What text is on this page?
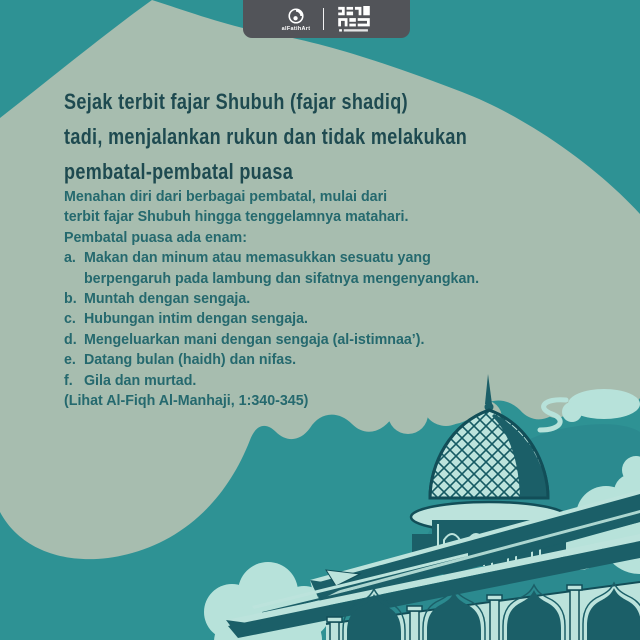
alFatihArt
Sejak terbit fajar Shubuh (fajar shadiq)
tadi, menjalankan rukun dan tidak melakukan
pembatal-pembatal puasa
Menahan diri dari berbagai pembatal, mulai dari
terbit fajar Shubuh hingga tenggelamnya matahari.
Pembatal puasa ada enam:
a. Makan dan minum atau memasukkan sesuatu yang
berpengaruh pada lambung dan sifatnya mengenyangkan.
b. Muntah dengan sengaja.
c. Hubungan intim dengan sengaja.
d. Mengeluarkan mani dengan sengaja (al-istimnaa’).
e. Datang bulan (haidh) dan nifas.
f. Gila dan murtad.
(Lihat Al-Fiqh Al-Manhaji, 1:340-345)
